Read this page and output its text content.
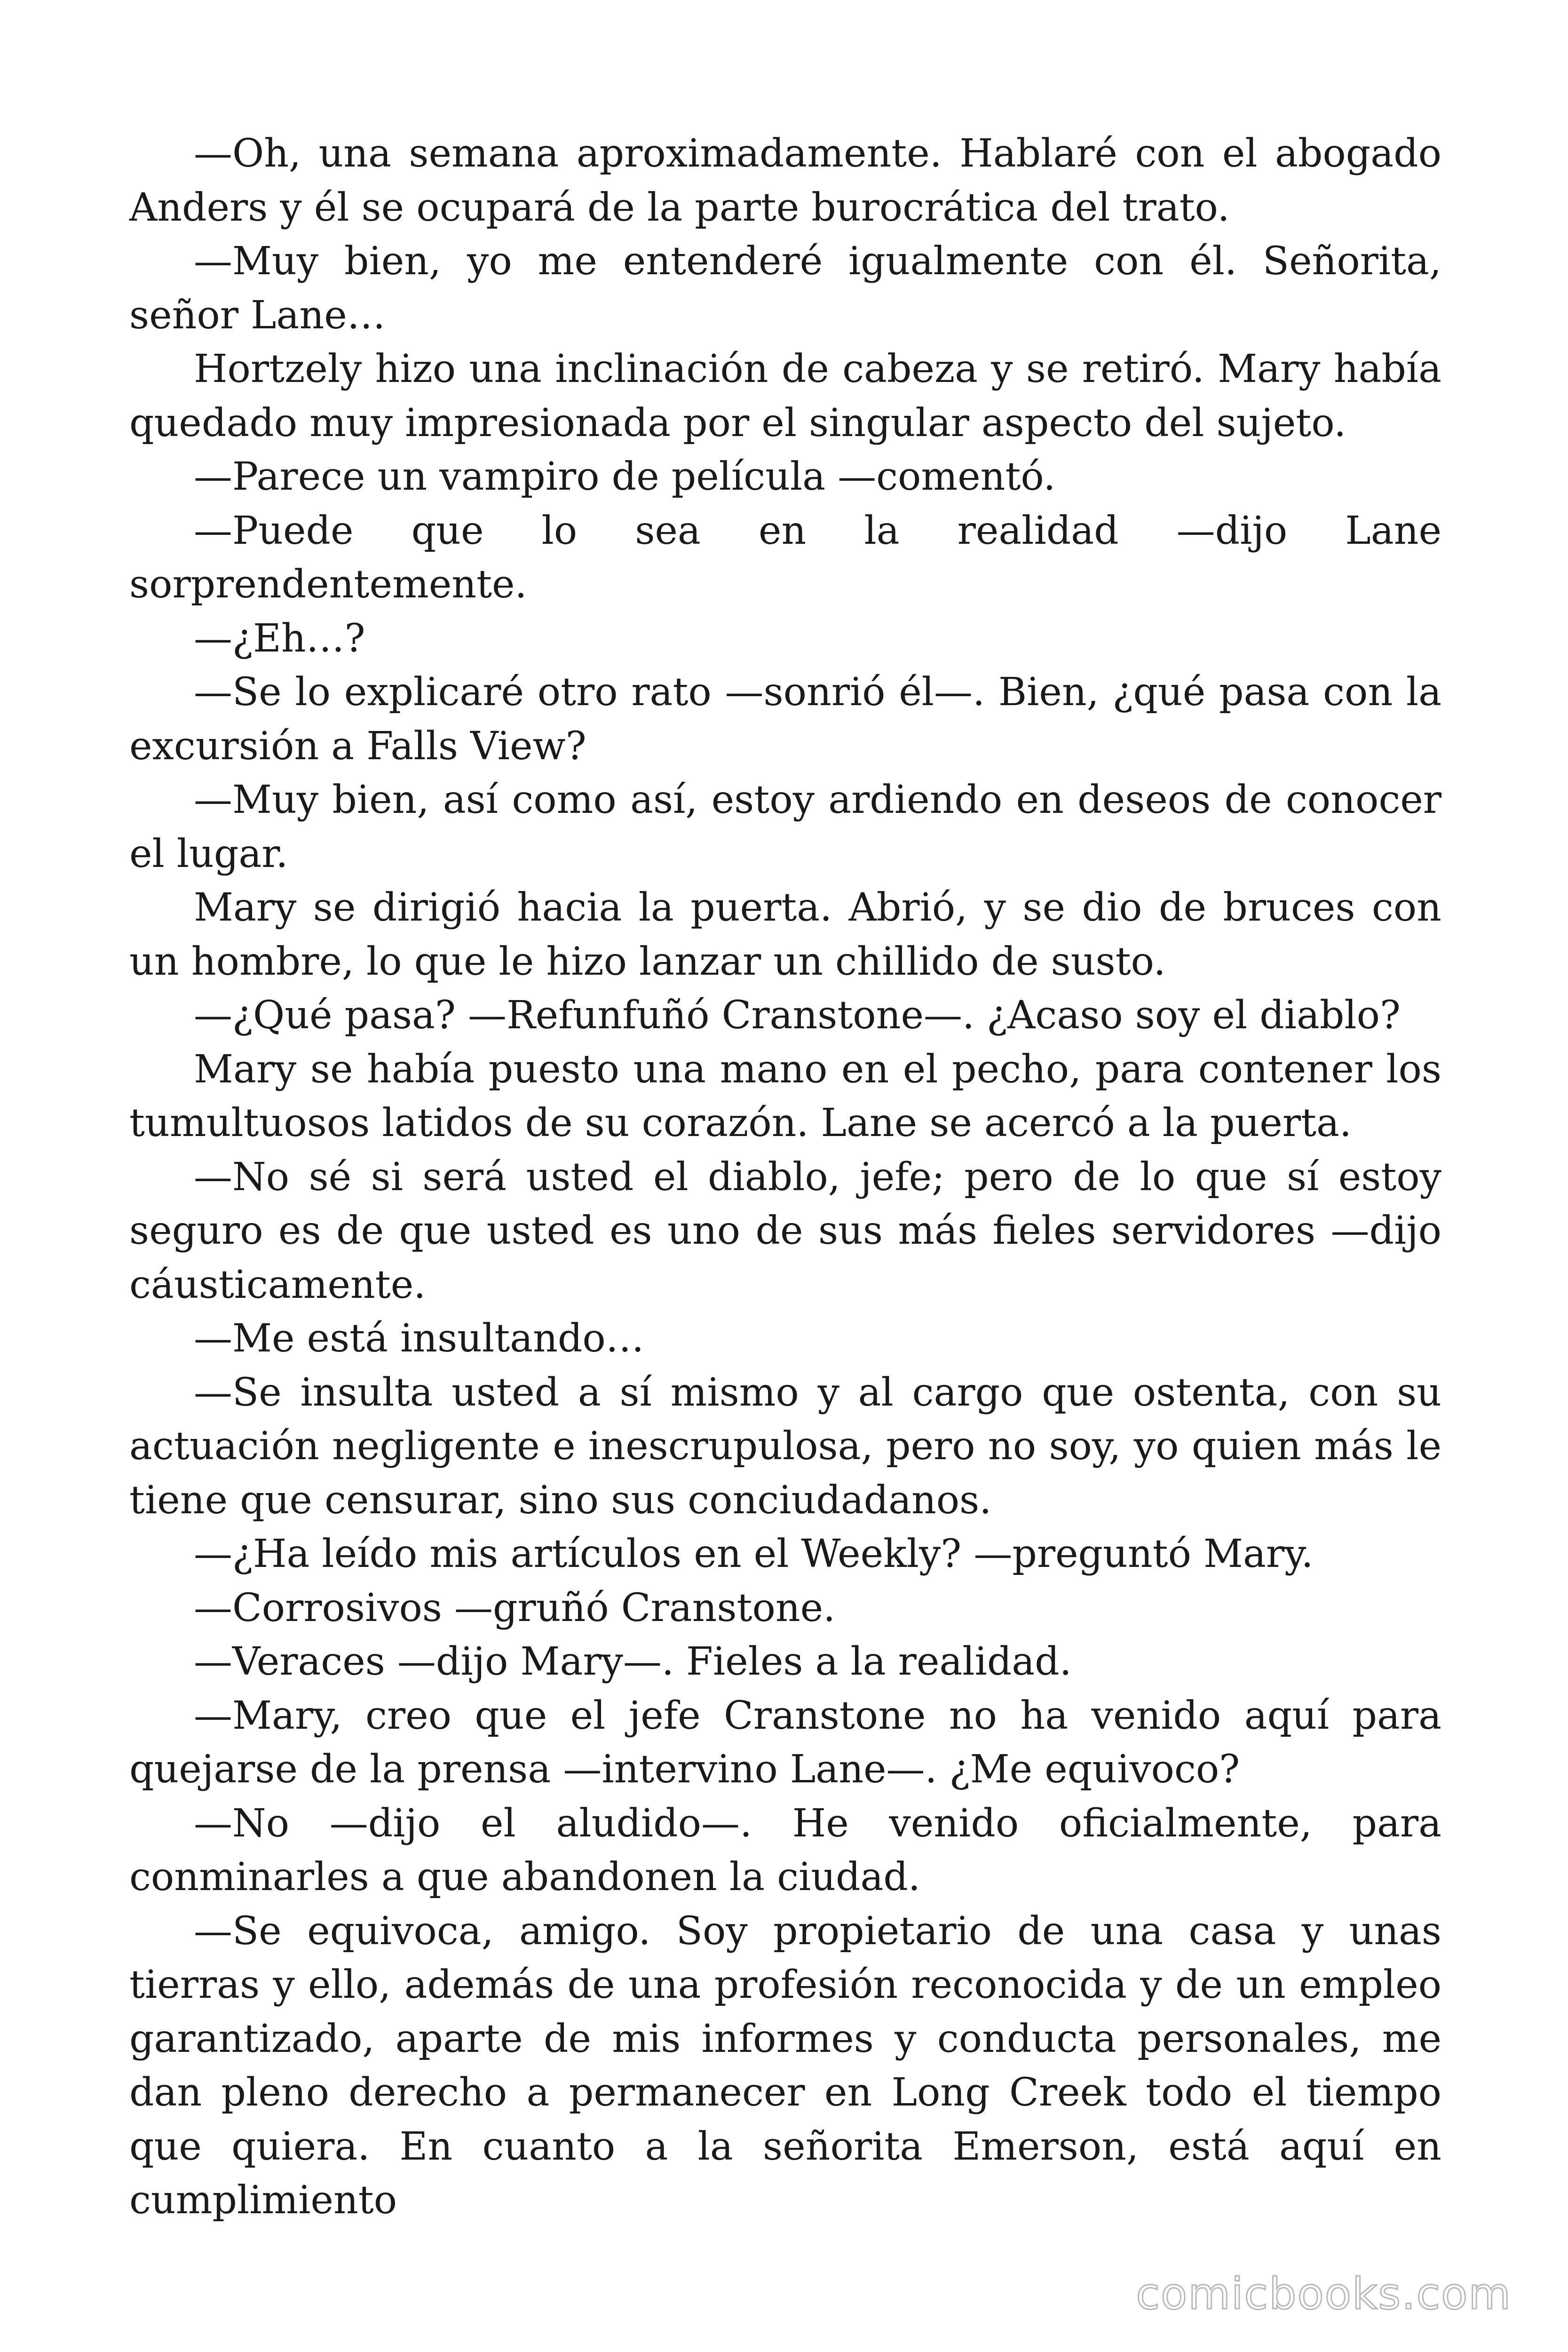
—Oh, una semana aproximadamente. Hablaré con el abogado Anders y él se ocupará de la parte burocrática del trato.

—Muy bien, yo me entenderé igualmente con él. Señorita, señor Lane…

Hortzely hizo una inclinación de cabeza y se retiró. Mary había quedado muy impresionada por el singular aspecto del sujeto.

—Parece un vampiro de película —comentó.

—Puede que lo sea en la realidad —dijo Lane sorprendentemente.

—¿Eh…?

—Se lo explicaré otro rato —sonrió él—. Bien, ¿qué pasa con la excursión a Falls View?

—Muy bien, así como así, estoy ardiendo en deseos de conocer el lugar.

Mary se dirigió hacia la puerta. Abrió, y se dio de bruces con un hombre, lo que le hizo lanzar un chillido de susto.

—¿Qué pasa? —Refunfuñó Cranstone—. ¿Acaso soy el diablo?

Mary se había puesto una mano en el pecho, para contener los tumultuosos latidos de su corazón. Lane se acercó a la puerta.

—No sé si será usted el diablo, jefe; pero de lo que sí estoy seguro es de que usted es uno de sus más fieles servidores —dijo cáusticamente.

—Me está insultando…

—Se insulta usted a sí mismo y al cargo que ostenta, con su actuación negligente e inescrupulosa, pero no soy, yo quien más le tiene que censurar, sino sus conciudadanos.

—¿Ha leído mis artículos en el Weekly? —preguntó Mary.

—Corrosivos —gruñó Cranstone.

—Veraces —dijo Mary—. Fieles a la realidad.

—Mary, creo que el jefe Cranstone no ha venido aquí para quejarse de la prensa —intervino Lane—. ¿Me equivoco?

—No —dijo el aludido—. He venido oficialmente, para conminarles a que abandonen la ciudad.

—Se equivoca, amigo. Soy propietario de una casa y unas tierras y ello, además de una profesión reconocida y de un empleo garantizado, aparte de mis informes y conducta personales, me dan pleno derecho a permanecer en Long Creek todo el tiempo que quiera. En cuanto a la señorita Emerson, está aquí en cumplimiento

comicbooks.com
